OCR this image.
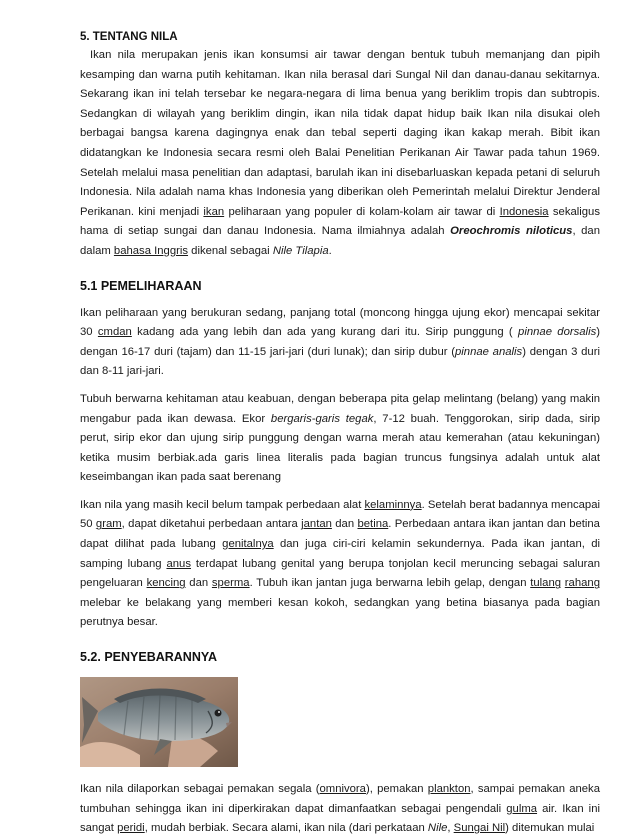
5. TENTANG NILA

Ikan nila merupakan jenis ikan konsumsi air tawar dengan bentuk tubuh memanjang dan pipih kesamping dan warna putih kehitaman. Ikan nila berasal dari Sungal Nil dan danau-danau sekitarnya. Sekarang ikan ini telah tersebar ke negara-negara di lima benua yang beriklim tropis dan subtropis. Sedangkan di wilayah yang beriklim dingin, ikan nila tidak dapat hidup baik Ikan nila disukai oleh berbagai bangsa karena dagingnya enak dan tebal seperti daging ikan kakap merah. Bibit ikan didatangkan ke Indonesia secara resmi oleh Balai Penelitian Perikanan Air Tawar pada tahun 1969. Setelah melalui masa penelitian dan adaptasi, barulah ikan ini disebarluaskan kepada petani di seluruh Indonesia. Nila adalah nama khas Indonesia yang diberikan oleh Pemerintah melalui Direktur Jenderal Perikanan. kini menjadi ikan peliharaan yang populer di kolam-kolam air tawar di Indonesia sekaligus hama di setiap sungai dan danau Indonesia. Nama ilmiahnya adalah Oreochromis niloticus, dan dalam bahasa Inggris dikenal sebagai Nile Tilapia.

5.1 PEMELIHARAAN

Ikan peliharaan yang berukuran sedang, panjang total (moncong hingga ujung ekor) mencapai sekitar 30 cmdan kadang ada yang lebih dan ada yang kurang dari itu. Sirip punggung ( pinnae dorsalis) dengan 16-17 duri (tajam) dan 11-15 jari-jari (duri lunak); dan sirip dubur (pinnae analis) dengan 3 duri dan 8-11 jari-jari.

Tubuh berwarna kehitaman atau keabuan, dengan beberapa pita gelap melintang (belang) yang makin mengabur pada ikan dewasa. Ekor bergaris-garis tegak, 7-12 buah. Tenggorokan, sirip dada, sirip perut, sirip ekor dan ujung sirip punggung dengan warna merah atau kemerahan (atau kekuningan) ketika musim berbiak.ada garis linea literalis pada bagian truncus fungsinya adalah untuk alat keseimbangan ikan pada saat berenang

Ikan nila yang masih kecil belum tampak perbedaan alat kelaminnya. Setelah berat badannya mencapai 50 gram, dapat diketahui perbedaan antara jantan dan betina. Perbedaan antara ikan jantan dan betina dapat dilihat pada lubang genitalnya dan juga ciri-ciri kelamin sekundernya. Pada ikan jantan, di samping lubang anus terdapat lubang genital yang berupa tonjolan kecil meruncing sebagai saluran pengeluaran kencing dan sperma. Tubuh ikan jantan juga berwarna lebih gelap, dengan tulang rahang melebar ke belakang yang memberi kesan kokoh, sedangkan yang betina biasanya pada bagian perutnya besar.

5.2. PENYEBARANNYA

Ikan nila dilaporkan sebagai pemakan segala (omnivora), pemakan plankton, sampai pemakan aneka tumbuhan sehingga ikan ini diperkirakan dapat dimanfaatkan sebagai pengendali gulma air. Ikan ini sangat peridi, mudah berbiak. Secara alami, ikan nila (dari perkataan Nile, Sungai Nil) ditemukan mulai
